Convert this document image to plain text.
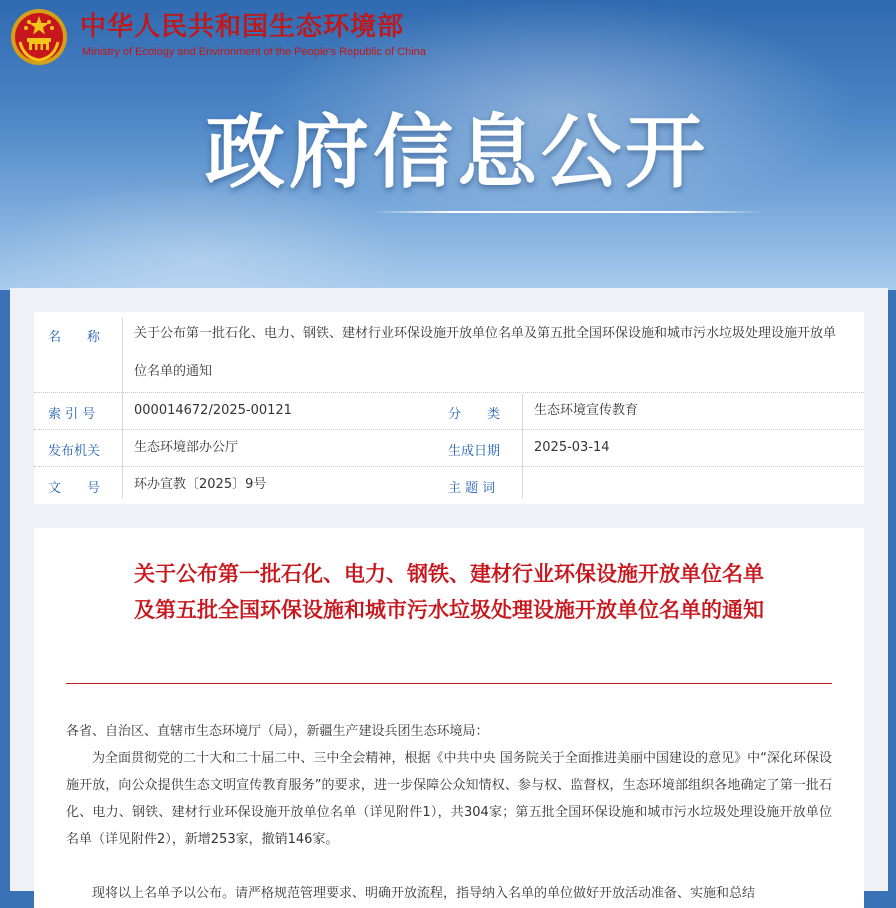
中华人民共和国生态环境部
Ministry of Ecology and Environment of the People's Republic of China
政府信息公开
名　　称	关于公布第一批石化、电力、钢铁、建材行业环保设施开放单位名单及第五批全国环保设施和城市污水垃圾处理设施开放单位名单的通知
索 引 号	000014672/2025-00121	分　　类	生态环境宣传教育
发布机关	生态环境部办公厅	生成日期	2025-03-14
文　　号	环办宣教〔2025〕9号	主 题 词
关于公布第一批石化、电力、钢铁、建材行业环保设施开放单位名单及第五批全国环保设施和城市污水垃圾处理设施开放单位名单的通知

各省、自治区、直辖市生态环境厅（局），新疆生产建设兵团生态环境局：

为全面贯彻党的二十大和二十届二中、三中全会精神，根据《中共中央 国务院关于全面推进美丽中国建设的意见》中“深化环保设施开放，向公众提供生态文明宣传教育服务”的要求，进一步保障公众知情权、参与权、监督权，生态环境部组织各地确定了第一批石化、电力、钢铁、建材行业环保设施开放单位名单（详见附件1），共304家；第五批全国环保设施和城市污水垃圾处理设施开放单位名单（详见附件2），新增253家，撤销146家。

现将以上名单予以公布。请严格规范管理要求、明确开放流程，指导纳入名单的单位做好开放活动准备、实施和总结
